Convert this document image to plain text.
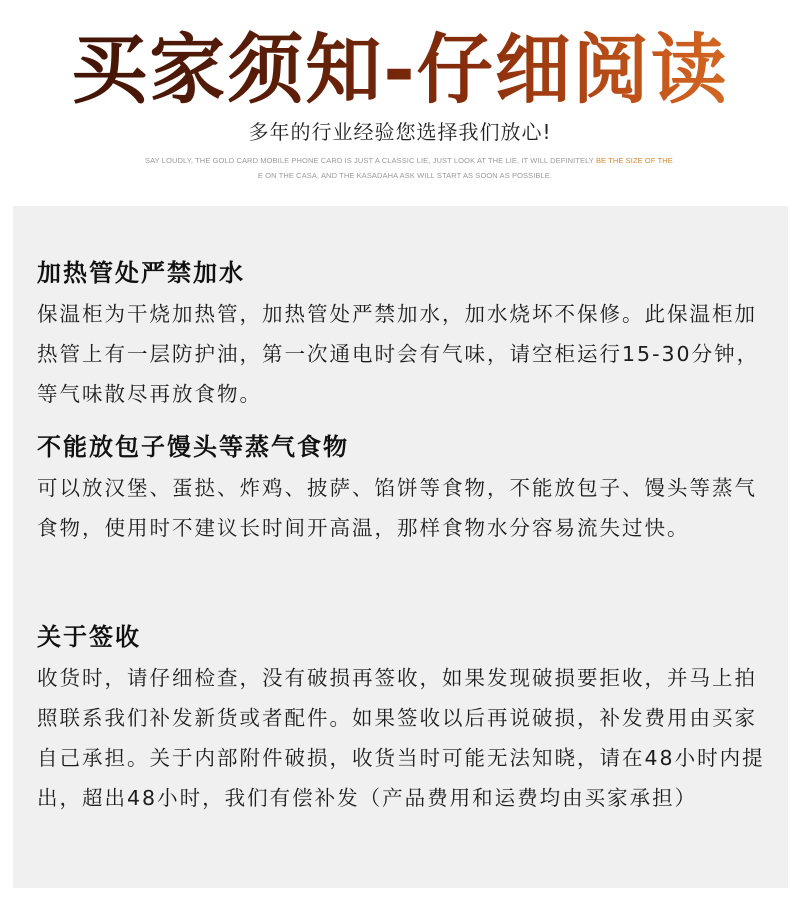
买家须知-仔细阅读
多年的行业经验您选择我们放心!
SAY LOUDLY, THE GOLD CARD MOBILE PHONE CARD IS JUST A CLASSIC LIE, JUST LOOK AT THE LIE, IT WILL DEFINITELY BE THE SIZE OF THE
E ON THE CASA, AND THE KASADAHA ASK WILL START AS SOON AS POSSIBLE.
加热管处严禁加水
保温柜为干烧加热管，加热管处严禁加水，加水烧坏不保修。此保温柜加热管上有一层防护油，第一次通电时会有气味，请空柜运行15-30分钟，等气味散尽再放食物。
不能放包子馒头等蒸气食物
可以放汉堡、蛋挞、炸鸡、披萨、馅饼等食物，不能放包子、馒头等蒸气食物，使用时不建议长时间开高温，那样食物水分容易流失过快。
关于签收
收货时，请仔细检查，没有破损再签收，如果发现破损要拒收，并马上拍照联系我们补发新货或者配件。如果签收以后再说破损，补发费用由买家自己承担。关于内部附件破损，收货当时可能无法知晓，请在48小时内提出，超出48小时，我们有偿补发（产品费用和运费均由买家承担）
